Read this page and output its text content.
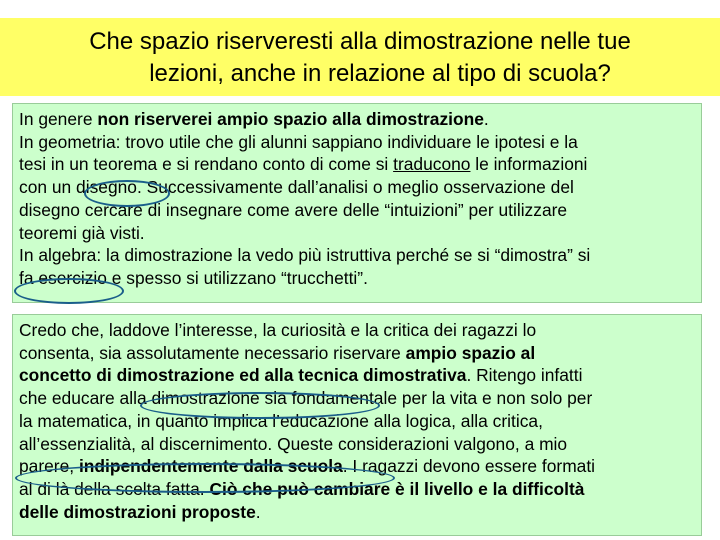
Che spazio riserveresti alla dimostrazione nelle tue
lezioni, anche in relazione al tipo di scuola?
In genere non riserverei ampio spazio alla dimostrazione.
In geometria: trovo utile che gli alunni sappiano individuare le ipotesi e la
tesi in un teorema e si rendano conto di come si traducono le informazioni
con un disegno. Successivamente dall’analisi o meglio osservazione del
disegno cercare di insegnare come avere delle “intuizioni” per utilizzare
teoremi già visti.
In algebra: la dimostrazione la vedo più istruttiva perché se si “dimostra” si
fa esercizio e spesso si utilizzano “trucchetti”.
Credo che, laddove l’interesse, la curiosità e la critica dei ragazzi lo
consenta, sia assolutamente necessario riservare ampio spazio al
concetto di dimostrazione ed alla tecnica dimostrativa. Ritengo infatti
che educare alla dimostrazione sia fondamentale per la vita e non solo per
la matematica, in quanto implica l’educazione alla logica, alla critica,
all’essenzialità, al discernimento. Queste considerazioni valgono, a mio
parere, indipendentemente dalla scuola. I ragazzi devono essere formati
al di là della scelta fatta. Ciò che può cambiare è il livello e la difficoltà
delle dimostrazioni proposte.
